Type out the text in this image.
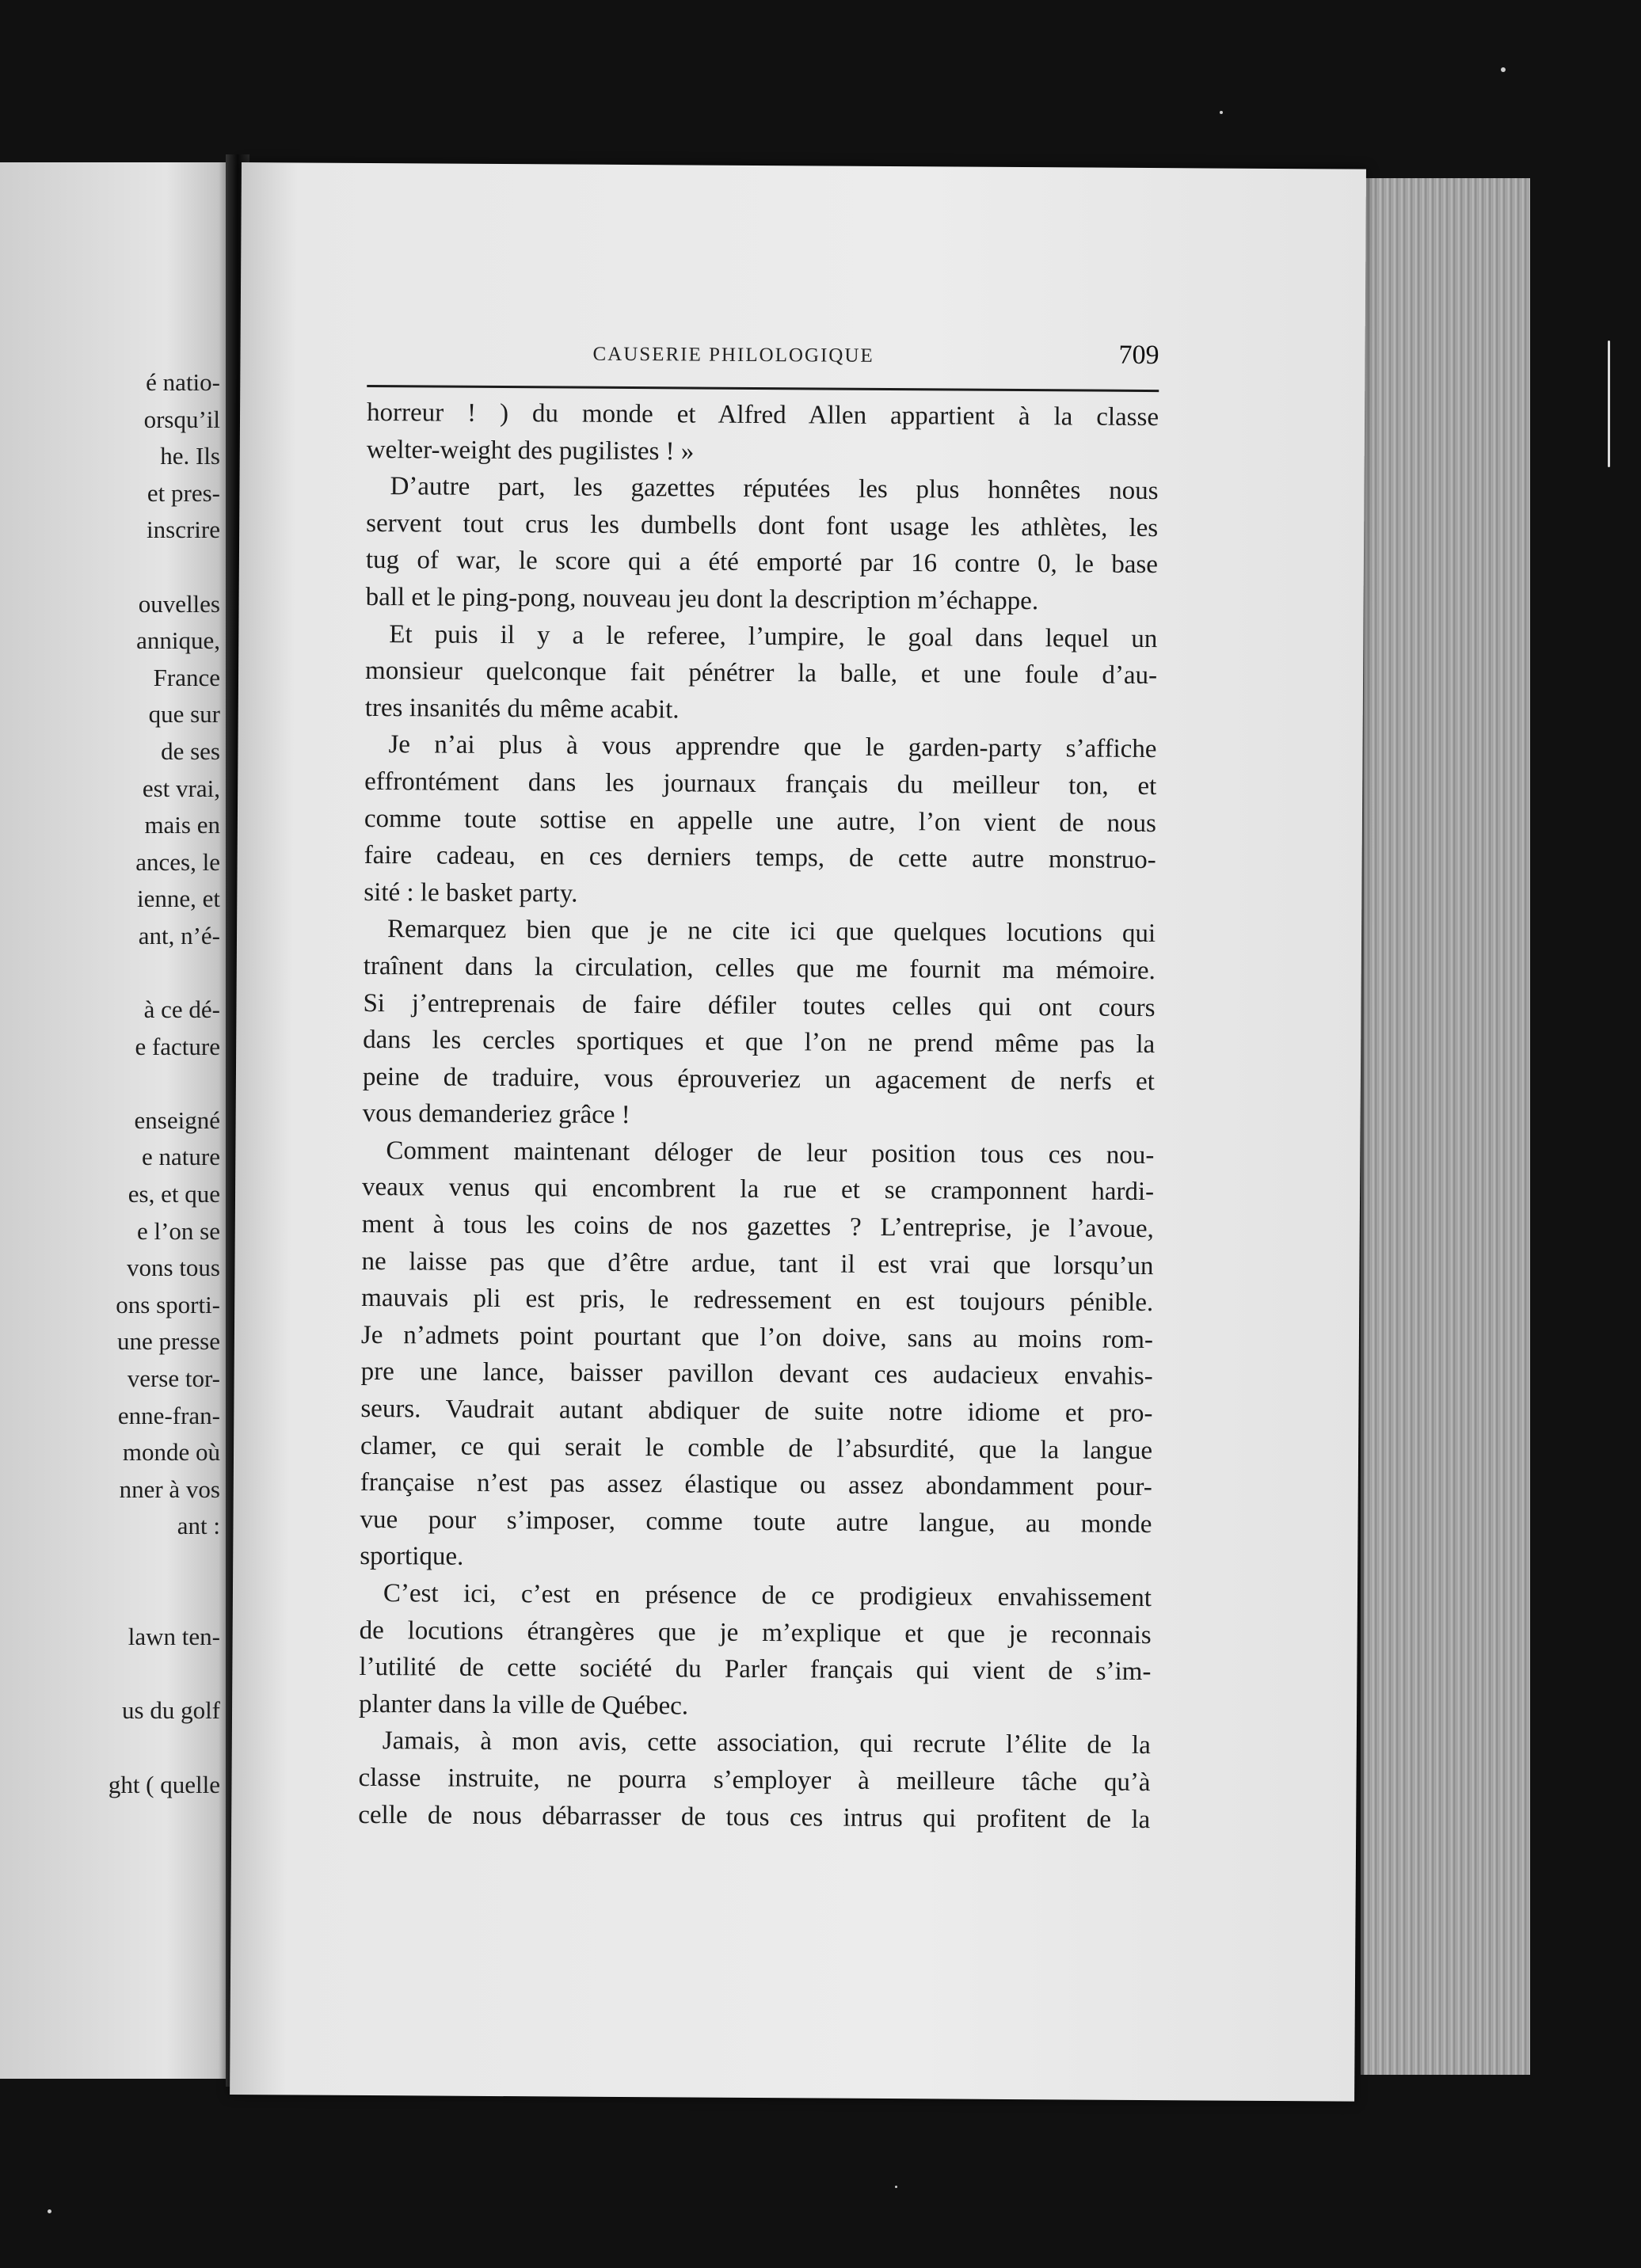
é natio-
orsqu’il
he. Ils
et pres-
inscrire
ouvelles
annique,
France
que sur
de ses
est vrai,
mais en
ances, le
ienne, et
ant, n’é-
à ce dé-
e facture
enseigné
e nature
es, et que
e l’on se
vons tous
ons sporti-
une presse
verse tor-
enne-fran-
monde où
nner à vos
ant :
lawn ten-
us du golf
ght ( quelle
CAUSERIE PHILOLOGIQUE	709
horreur ! ) du monde et Alfred Allen appartient à la classe
welter-weight des pugilistes ! »
D’autre part, les gazettes réputées les plus honnêtes nous
servent tout crus les dumbells dont font usage les athlètes, les
tug of war, le score qui a été emporté par 16 contre 0, le base
ball et le ping-pong, nouveau jeu dont la description m’échappe.
Et puis il y a le referee, l’umpire, le goal dans lequel un
monsieur quelconque fait pénétrer la balle, et une foule d’au-
tres insanités du même acabit.
Je n’ai plus à vous apprendre que le garden-party s’affiche
effrontément dans les journaux français du meilleur ton, et
comme toute sottise en appelle une autre, l’on vient de nous
faire cadeau, en ces derniers temps, de cette autre monstruo-
sité : le basket party.
Remarquez bien que je ne cite ici que quelques locutions qui
traînent dans la circulation, celles que me fournit ma mémoire.
Si j’entreprenais de faire défiler toutes celles qui ont cours
dans les cercles sportiques et que l’on ne prend même pas la
peine de traduire, vous éprouveriez un agacement de nerfs et
vous demanderiez grâce !
Comment maintenant déloger de leur position tous ces nou-
veaux venus qui encombrent la rue et se cramponnent hardi-
ment à tous les coins de nos gazettes ? L’entreprise, je l’avoue,
ne laisse pas que d’être ardue, tant il est vrai que lorsqu’un
mauvais pli est pris, le redressement en est toujours pénible.
Je n’admets point pourtant que l’on doive, sans au moins rom-
pre une lance, baisser pavillon devant ces audacieux envahis-
seurs. Vaudrait autant abdiquer de suite notre idiome et pro-
clamer, ce qui serait le comble de l’absurdité, que la langue
française n’est pas assez élastique ou assez abondamment pour-
vue pour s’imposer, comme toute autre langue, au monde
sportique.
C’est ici, c’est en présence de ce prodigieux envahissement
de locutions étrangères que je m’explique et que je reconnais
l’utilité de cette société du Parler français qui vient de s’im-
planter dans la ville de Québec.
Jamais, à mon avis, cette association, qui recrute l’élite de la
classe instruite, ne pourra s’employer à meilleure tâche qu’à
celle de nous débarrasser de tous ces intrus qui profitent de la
